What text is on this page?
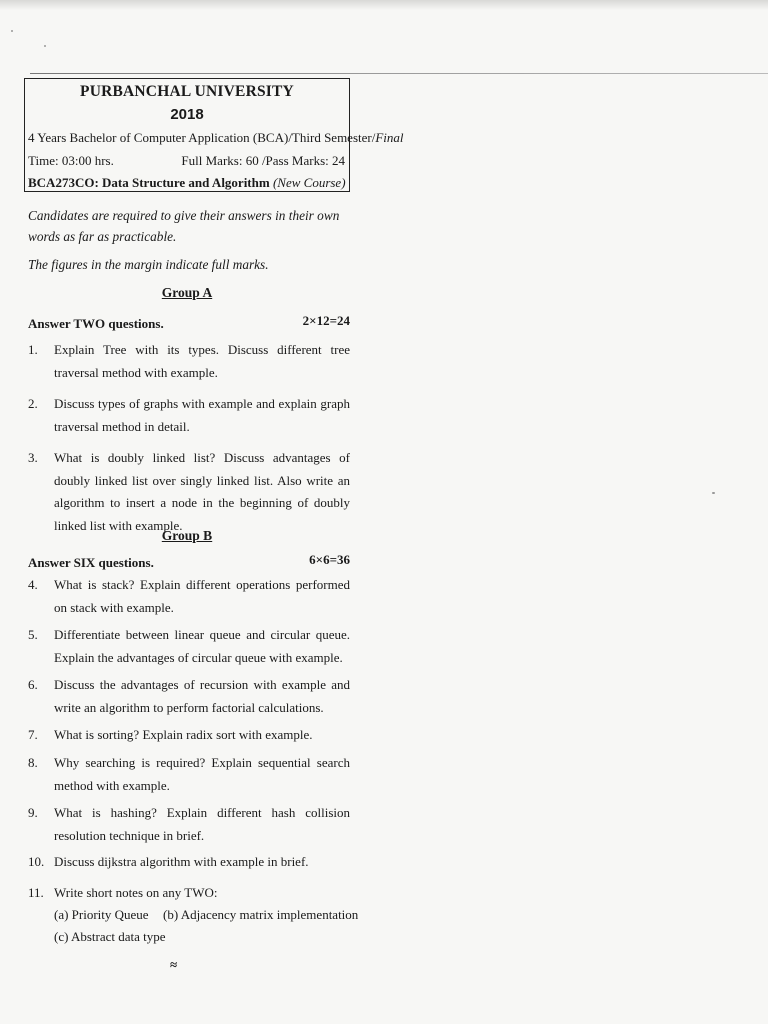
PURBANCHAL UNIVERSITY
2018
4 Years Bachelor of Computer Application (BCA)/Third Semester/Final
Time: 03:00 hrs.	Full Marks: 60 /Pass Marks: 24
BCA273CO: Data Structure and Algorithm (New Course)
Candidates are required to give their answers in their own words as far as practicable.
The figures in the margin indicate full marks.
Group A
Answer TWO questions.	2×12=24
1.	Explain Tree with its types. Discuss different tree traversal method with example.
2.	Discuss types of graphs with example and explain graph traversal method in detail.
3.	What is doubly linked list? Discuss advantages of doubly linked list over singly linked list. Also write an algorithm to insert a node in the beginning of doubly linked list with example.
Group B
Answer SIX questions.	6×6=36
4.	What is stack? Explain different operations performed on stack with example.
5.	Differentiate between linear queue and circular queue. Explain the advantages of circular queue with example.
6.	Discuss the advantages of recursion with example and write an algorithm to perform factorial calculations.
7.	What is sorting? Explain radix sort with example.
8.	Why searching is required? Explain sequential search method with example.
9.	What is hashing? Explain different hash collision resolution technique in brief.
10. Discuss dijkstra algorithm with example in brief.
11. Write short notes on any TWO:
(a) Priority Queue (b) Adjacency matrix implementation
(c) Abstract data type
≈
